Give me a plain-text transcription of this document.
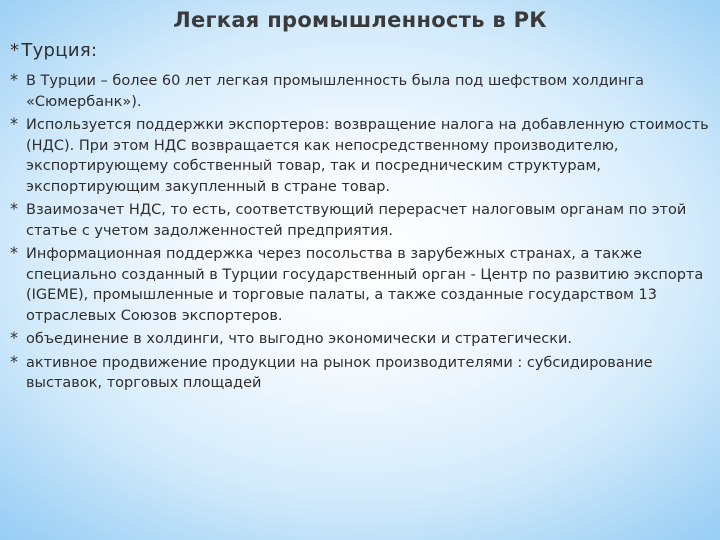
Легкая промышленность в РК
* Турция:
* В Турции – более 60 лет легкая промышленность была под шефством холдинга «Сюмербанк»).
* Используется поддержки экспортеров: возвращение налога на добавленную стоимость (НДС). При этом НДС возвращается как непосредственному производителю, экспортирующему собственный товар, так и посредническим структурам, экспортирующим закупленный в стране товар.
* Взаимозачет НДС, то есть, соответствующий перерасчет налоговым органам по этой статье с учетом задолженностей предприятия.
* Информационная поддержка через посольства в зарубежных странах, а также специально созданный в Турции государственный орган - Центр по развитию экспорта (IGEME), промышленные и торговые палаты, а также созданные государством 13 отраслевых Союзов экспортеров.
* объединение в холдинги, что выгодно экономически и стратегически.
* активное продвижение продукции на рынок производителями : субсидирование выставок, торговых площадей
